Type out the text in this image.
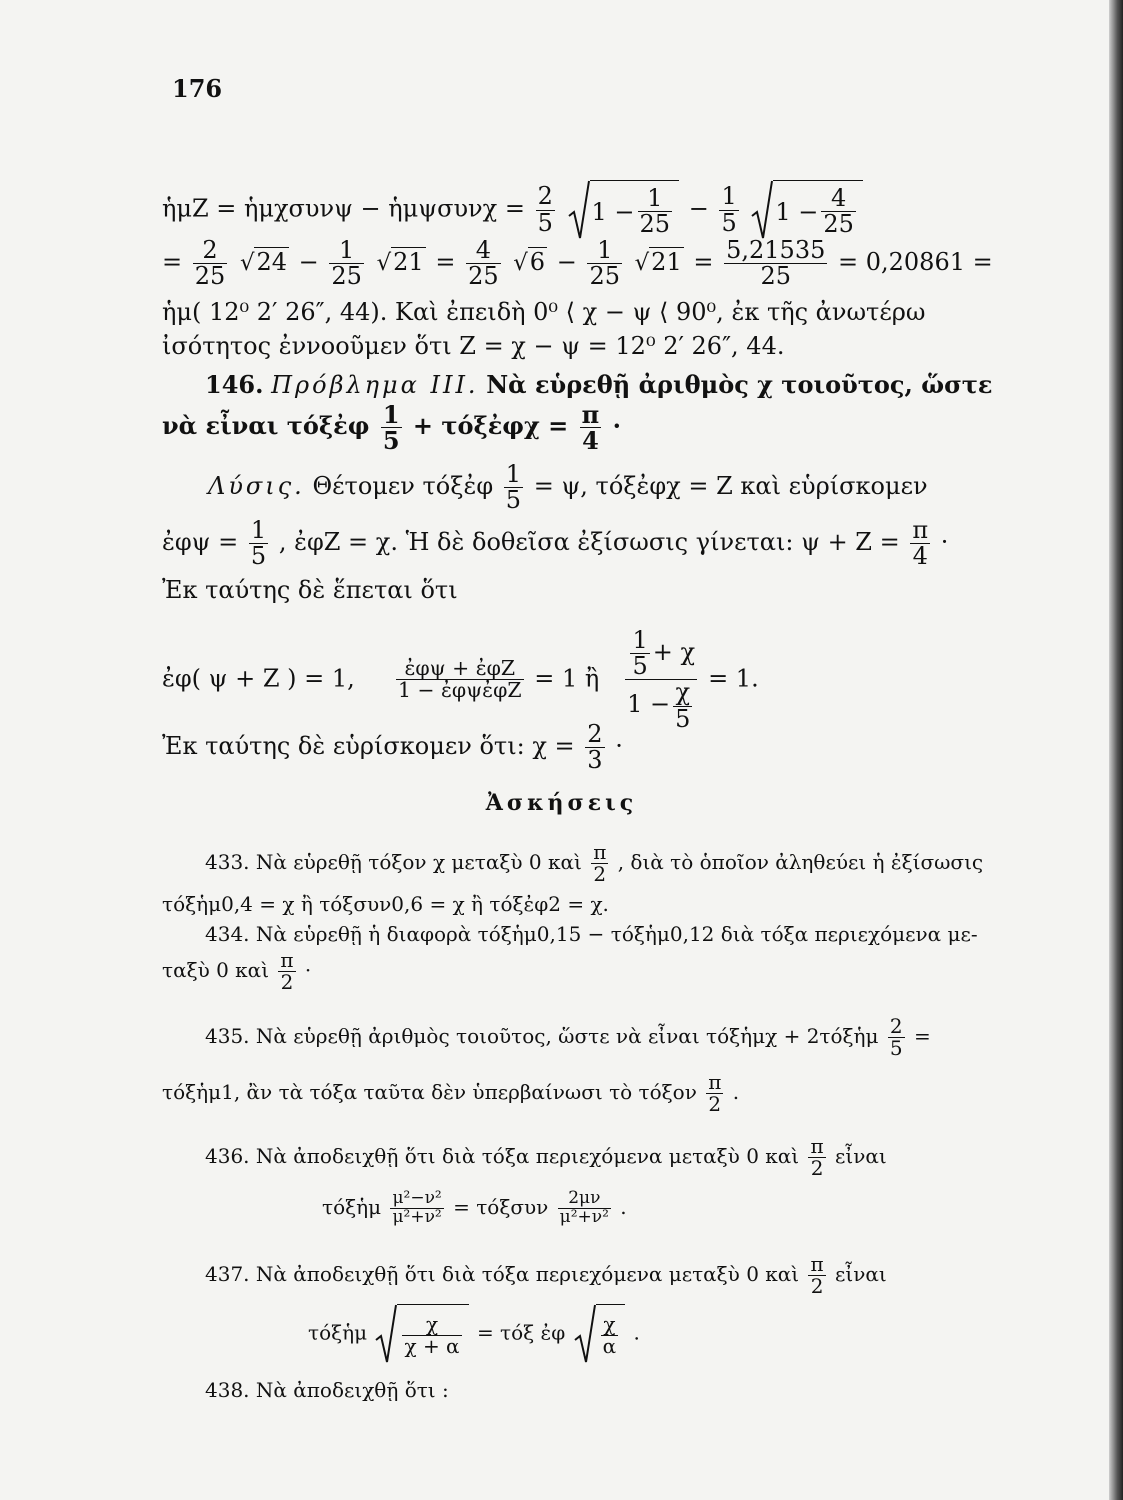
176
ἡμΖ = ἡμχσυνψ − ἡμψσυνχ = $\frac{2}{5}$
$1 - \frac{1}{25} - \frac{1}{5}$
$1 - \frac{4}{25}$
= $\frac{2}{25} √24 - \frac{1}{25} √21 = \frac{4}{25} √6 - \frac{1}{25} √21 = \frac{5,21535}{25} = 0,20861$ =
ἡμ( 12⁰ 2′ 26″, 44). Καὶ ἐπειδὴ 0⁰ ⟨ χ − ψ ⟨ 90⁰, ἐκ τῆς ἀνωτέρω
ἰσότητος ἐννοοῦμεν ὅτι Ζ = χ − ψ = 12⁰ 2′ 26″, 44.
146. Πρόβλημα ΙΙΙ. Νὰ εὑρεθῇ ἀριθμὸς χ τοιοῦτος, ὥστε
νὰ εἶναι τόξἐφ $\frac{1}{5}$ + τόξἐφχ = $\frac{\pi}{4}$ ·
Λύσις. Θέτομεν τόξἐφ $\frac{1}{5} = \psi$, τόξἐφχ = Ζ καὶ εὑρίσκομεν
ἐφψ = $\frac{1}{5}$ , ἐφΖ = χ. Ἡ δὲ δοθεῖσα ἐξίσωσις γίνεται: $\psi + Z = \frac{\pi}{4}$ ·
Ἐκ ταύτης δὲ ἕπεται ὅτι
ἐφ( ψ + Ζ ) = 1, $\frac{\text{ἐφψ + ἐφΖ}}{\text{1 − ἐφψἐφΖ}} = 1$ ἢ $\frac{\frac{1}{5} + \chi}{1 - \frac{\chi}{5}} = 1$.
Ἐκ ταύτης δὲ εὑρίσκομεν ὅτι: $\chi = \frac{2}{3}$ ·
Ἀσκήσεις
433. Νὰ εὑρεθῇ τόξον χ μεταξὺ 0 καὶ $\frac{\pi}{2}$ , διὰ τὸ ὁποῖον ἀληθεύει ἡ ἐξίσωσις
τόξἡμ0,4 = χ ἢ τόξσυν0,6 = χ ἢ τόξἐφ2 = χ.
434. Νὰ εὑρεθῇ ἡ διαφορὰ τόξἡμ0,15 − τόξἡμ0,12 διὰ τόξα περιεχόμενα με-
ταξὺ 0 καὶ $\frac{\pi}{2}$ ·
435. Νὰ εὑρεθῇ ἀριθμὸς τοιοῦτος, ὥστε νὰ εἶναι τόξἡμχ + 2τόξἡμ $\frac{2}{5}$ =
τόξἡμ1, ἂν τὰ τόξα ταῦτα δὲν ὑπερβαίνωσι τὸ τόξον $\frac{\pi}{2}$ .
436. Νὰ ἀποδειχθῇ ὅτι διὰ τόξα περιεχόμενα μεταξὺ 0 καὶ $\frac{\pi}{2}$ εἶναι
τόξἡμ $\frac{\text{μ²−ν²}}{\text{μ²+ν²}} = \tau ό\xi\sigma\upsilon\nu \frac{2\mu\nu}{\text{μ²+ν²}}$ .
437. Νὰ ἀποδειχθῇ ὅτι διὰ τόξα περιεχόμενα μεταξὺ 0 καὶ $\frac{\pi}{2}$ εἶναι
τόξἡμ $\frac{\chi}{\chi + \alpha} = \tau ό\xi$ ἐφ $\frac{\chi}{\alpha}$ .
438. Νὰ ἀποδειχθῇ ὅτι :
